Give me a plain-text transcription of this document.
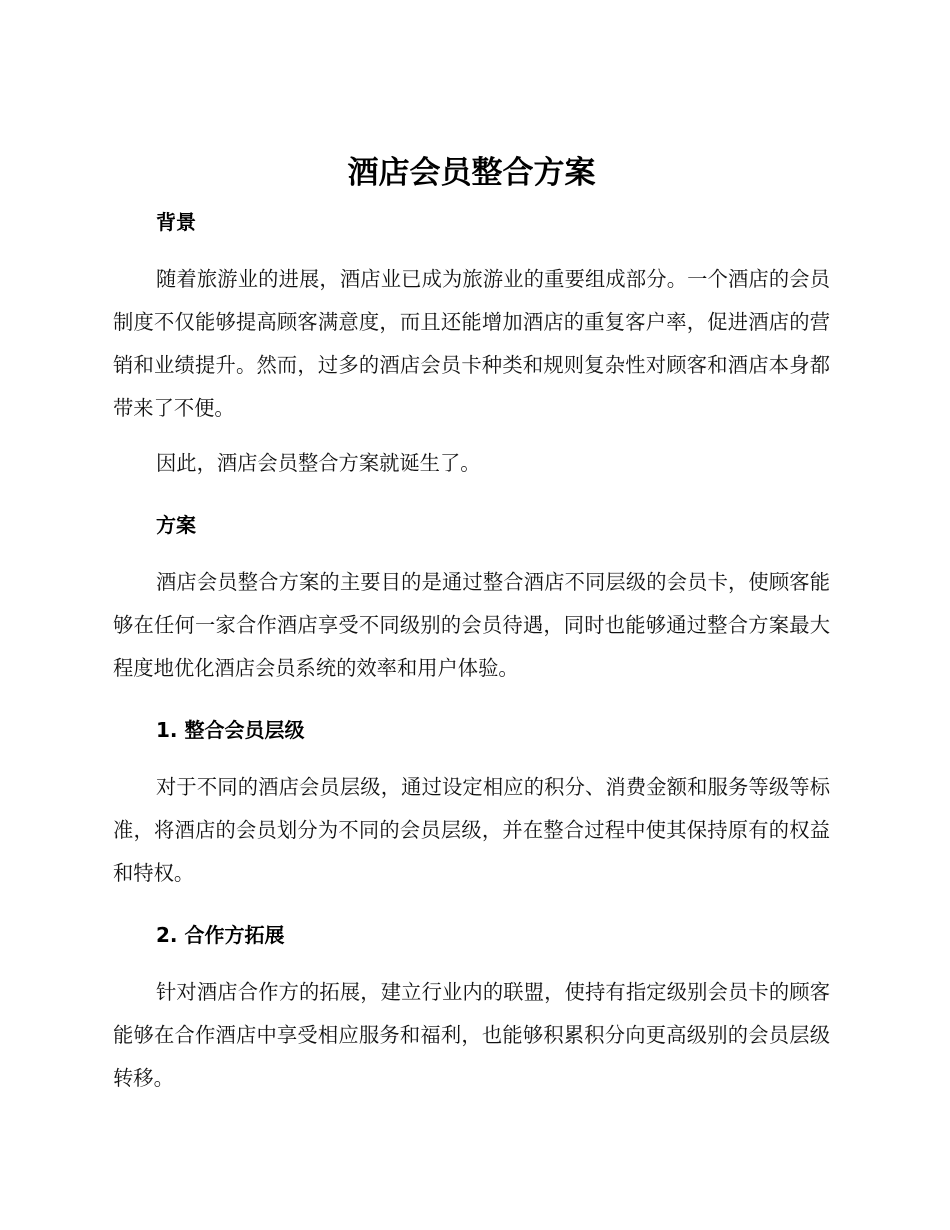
酒店会员整合方案
背景

随着旅游业的进展，酒店业已成为旅游业的重要组成部分。一个酒店的会员制度不仅能够提高顾客满意度，而且还能增加酒店的重复客户率，促进酒店的营销和业绩提升。然而，过多的酒店会员卡种类和规则复杂性对顾客和酒店本身都带来了不便。

因此，酒店会员整合方案就诞生了。

方案

酒店会员整合方案的主要目的是通过整合酒店不同层级的会员卡，使顾客能够在任何一家合作酒店享受不同级别的会员待遇，同时也能够通过整合方案最大程度地优化酒店会员系统的效率和用户体验。

1. 整合会员层级

对于不同的酒店会员层级，通过设定相应的积分、消费金额和服务等级等标准，将酒店的会员划分为不同的会员层级，并在整合过程中使其保持原有的权益和特权。

2. 合作方拓展

针对酒店合作方的拓展，建立行业内的联盟，使持有指定级别会员卡的顾客能够在合作酒店中享受相应服务和福利，也能够积累积分向更高级别的会员层级转移。
